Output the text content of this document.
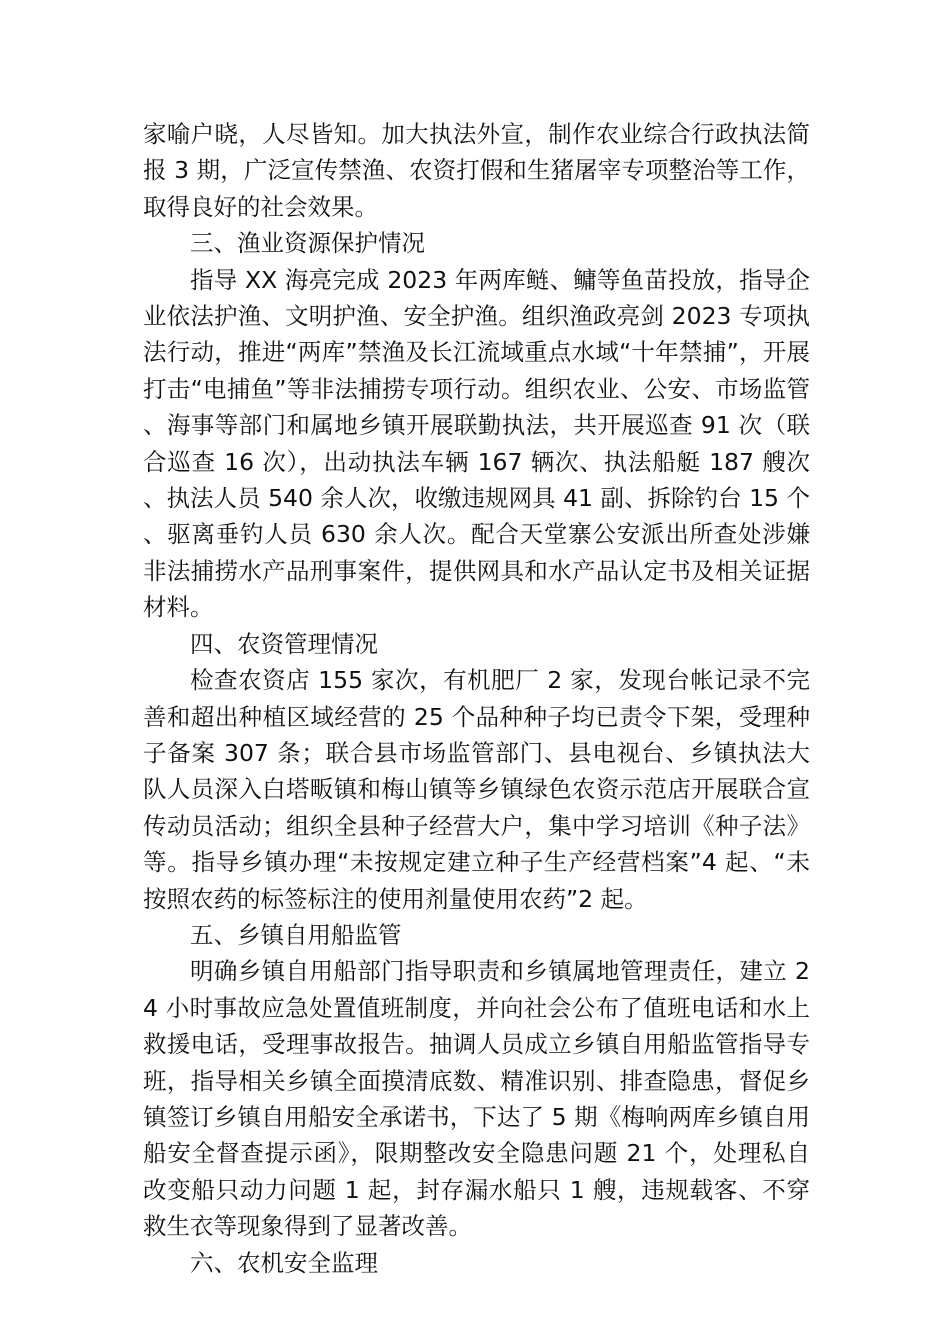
家喻户晓，人尽皆知。加大执法外宣，制作农业综合行政执法简报 3 期，广泛宣传禁渔、农资打假和生猪屠宰专项整治等工作，取得良好的社会效果。

三、渔业资源保护情况

指导 XX 海亮完成 2023 年两库鲢、鳙等鱼苗投放，指导企业依法护渔、文明护渔、安全护渔。组织渔政亮剑 2023 专项执法行动，推进“两库”禁渔及长江流域重点水域“十年禁捕”，开展打击“电捕鱼”等非法捕捞专项行动。组织农业、公安、市场监管、海事等部门和属地乡镇开展联勤执法，共开展巡查 91 次（联合巡查 16 次），出动执法车辆 167 辆次、执法船艇 187 艘次、执法人员 540 余人次，收缴违规网具 41 副、拆除钓台 15 个、驱离垂钓人员 630 余人次。配合天堂寨公安派出所查处涉嫌非法捕捞水产品刑事案件，提供网具和水产品认定书及相关证据材料。

四、农资管理情况

检查农资店 155 家次，有机肥厂 2 家，发现台帐记录不完善和超出种植区域经营的 25 个品种种子均已责令下架，受理种子备案 307 条；联合县市场监管部门、县电视台、乡镇执法大队人员深入白塔畈镇和梅山镇等乡镇绿色农资示范店开展联合宣传动员活动；组织全县种子经营大户，集中学习培训《种子法》等。指导乡镇办理“未按规定建立种子生产经营档案”4 起、“未按照农药的标签标注的使用剂量使用农药”2 起。

五、乡镇自用船监管

明确乡镇自用船部门指导职责和乡镇属地管理责任，建立 24 小时事故应急处置值班制度，并向社会公布了值班电话和水上救援电话，受理事故报告。抽调人员成立乡镇自用船监管指导专班，指导相关乡镇全面摸清底数、精准识别、排查隐患，督促乡镇签订乡镇自用船安全承诺书，下达了 5 期《梅响两库乡镇自用船安全督查提示函》，限期整改安全隐患问题 21 个，处理私自改变船只动力问题 1 起，封存漏水船只 1 艘，违规载客、不穿救生衣等现象得到了显著改善。

六、农机安全监理
